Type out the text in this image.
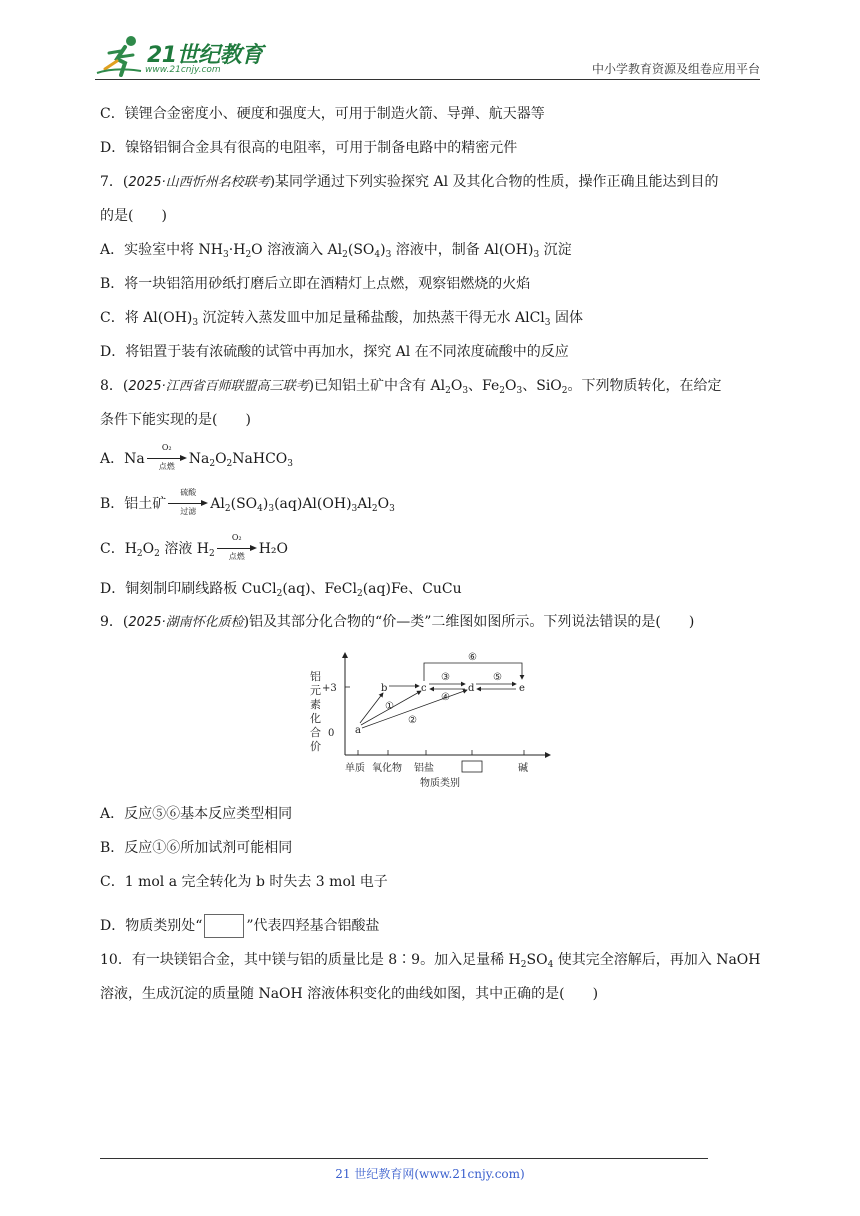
21世纪教育
www.21cnjy.com	中小学教育资源及组卷应用平台
C．镁锂合金密度小、硬度和强度大，可用于制造火箭、导弹、航天器等
D．镍铬铝铜合金具有很高的电阻率，可用于制备电路中的精密元件
7．(2025·山西忻州名校联考)某同学通过下列实验探究 Al 及其化合物的性质，操作正确且能达到目的
的是(　　)
A．实验室中将 $NH_3\cdot H_2O$ 溶液滴入 $Al_2(SO_4)_3$ 溶液中，制备 $Al(OH)_3$ 沉淀
B．将一块铝箔用砂纸打磨后立即在酒精灯上点燃，观察铝燃烧的火焰
C．将 $Al(OH)_3$ 沉淀转入蒸发皿中加足量稀盐酸，加热蒸干得无水 AlCl$_3$ 固体
D．将铝置于装有浓硫酸的试管中再加水，探究 Al 在不同浓度硫酸中的反应
8．(2025·江西省百师联盟高三联考)已知铝土矿中含有 $Al_2O_3$、$Fe_2O_3$、SiO$_2$。下列物质转化，在给定
条件下能实现的是(　　)
A．Na
O₂
点燃	$Na_2O_2NaHCO_3$
B．铝土矿
硫酸
过滤	$Al_2(SO_4)_3(aq)Al(OH)_3Al_2O_3$
C．$H_2O_2$ 溶液 $H_2$
O₂
点燃	H₂O
D．铜刻制印刷线路板 CuCl$_2$(aq)、FeCl$_2$(aq)Fe、CuCu
9．(2025·湖南怀化质检)铝及其部分化合物的“价—类”二维图如图所示。下列说法错误的是(　　)
铝
元
素
化
合
价
+3
0
单质 氧化物 铝盐	碱
物质类别
a
b	c	d	e
①
②
③
④
⑤
⑥
A．反应⑤⑥基本反应类型相同
B．反应①⑥所加试剂可能相同
C．1 mol a 完全转化为 b 时失去 3 mol 电子
D．物质类别处“	”代表四羟基合铝酸盐
10．有一块镁铝合金，其中镁与铝的质量比是 8∶9。加入足量稀 $H_2SO_4$ 使其完全溶解后，再加入 NaOH
溶液，生成沉淀的质量随 NaOH 溶液体积变化的曲线如图，其中正确的是(　　)
21 世纪教育网(www.21cnjy.com)
